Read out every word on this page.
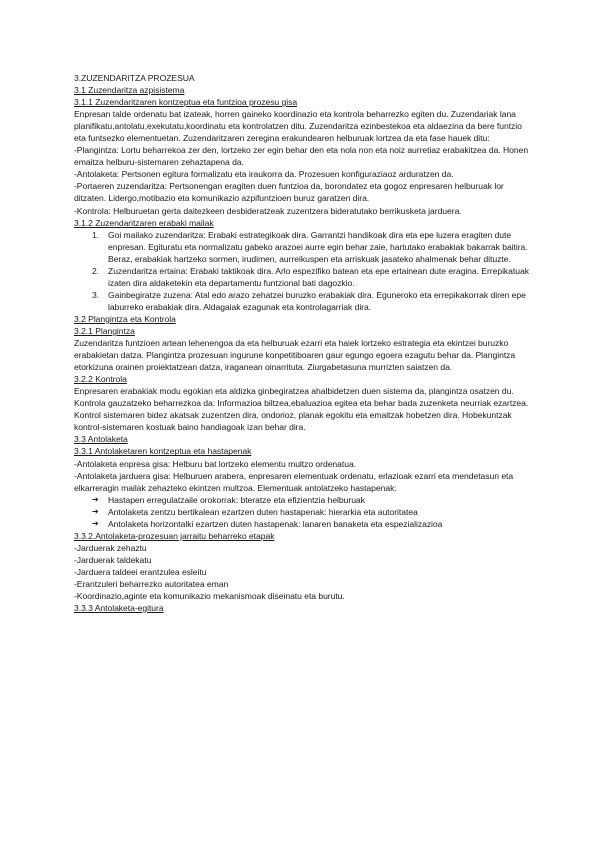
3.ZUZENDARITZA PROZESUA

3.1 Zuzendaritza azpisistema

3.1.1 Zuzendaritzaren kontzeptua eta funtzioa prozesu gisa

Enpresan talde ordenatu bat izateak, horren gaineko koordinazio eta kontrola beharrezko egiten du. Zuzendariak lana planifikatu,antolatu,exekutatu,koordinatu eta kontrolatzen ditu. Zuzendaritza ezinbestekoa eta aldaezina da bere funtzio eta funtsezko elementuetan. Zuzendaritzaren zeregina erakundearen helburuak lortzea da eta fase hauek ditu:

-Plangintza: Lortu beharrekoa zer den, lortzeko zer egin behar den eta nola non eta noiz aurretiaz erabakitzea da. Honen emaitza helburu-sistemaren zehaztapena da.

-Antolaketa: Pertsonen egitura formalizatu eta iraukorra da. Prozesuen konfiguraziaoz arduratzen da.

-Portaeren zuzendaritza: Pertsonengan eragiten duen funtzioa da, borondatez eta gogoz enpresaren helburuak lor ditzaten. Lidergo,motibazio eta komunikazio azpifuntzioen buruz garatzen dira.

-Kontrola: Helburuetan gerta daitezkeen desbideratzeak zuzentzera bideratutako berrikusketa jarduera.

3.1.2 Zuzendaritzaren erabaki mailak

1. Goi mailako zuzendaritza: Erabaki estrategikoak dira. Garrantzi handikoak dira eta epe luzera eragiten dute enpresan. Egituratu eta normalizatu gabeko arazoei aurre egin behar zaie, hartutako erabakiak bakarrak baitira. Beraz, erabakiak hartzeko sormen, irudimen, aurreikuspen eta arriskuak jasateko ahalmenak behar dituzte.
2. Zuzendaritza ertaina: Erabaki taktikoak dira. Arlo espezifiko batean eta epe ertainean dute eragina. Errepikatuak izaten dira aldaketekin eta departamentu funtzional bati dagozkio.
3. Gainbegiratze zuzena: Atal edo arazo zehatzei buruzko erabakiak dira. Eguneroko eta errepikakorrak diren epe laburreko erabakiak dira. Aldagaiak ezagunak eta kontrolagarriak dira.

3.2 Plangintza eta Kontrola

3.2.1 Plangintza

Zuzendaritza funtzioen artean lehenengoa da eta helburuak ezarri eta haiek lortzeko estrategia eta ekintzei buruzko erabakietan datza. Plangintza prozesuan ingurune konpetitiboaren gaur egungo egoera ezagutu behar da. Plangintza etorkizuna orainen proiektatzean datza, iraganean oinarrituta. Ziurgabetasuna murrizten saiatzen da.

3.2.2 Kontrola

Enpresaren erabakiak modu egokian eta aldizka ginbegiratzea ahalbidetzen duen sistema da, plangintza osatzen du. Kontrola gauzatzeko beharrezkoa da: Informazioa biltzea,ebaluazioa egitea eta behar bada zuzenketa neurriak ezartzea. Kontrol sistemaren bidez akatsak zuzentzen dira, ondorioz, planak egokitu eta emaitzak hobetzen dira. Hobekuntzak kontrol-sistemaren kostuak baino handiagoak izan behar dira.

3.3 Antolaketa

3.3.1 Antolaketaren kontzeptua eta hastapenak

-Antolaketa enpresa gisa: Helburu bat lortzeko elementu multzo ordenatua.

-Antolaketa jarduera gisa: Helburuen arabera, enpresaren elementuak ordenatu, erlazioak ezarri eta mendetasun eta elkarreragin mailak zehazteko ekintzen multzoa. Elementuak antolatzeko hastapenak:

➔ Hastapen erregulatzaile orokorrak: bteratze eta efizientzia helburuak
➔ Antolaketa zentzu bertikalean ezartzen duten hastapenak: hierarkia eta autoritatea
➔ Antolaketa horizontalki ezartzen duten hastapenak: lanaren banaketa eta espezializazioa

3.3.2.Antolaketa-prozesuan jarraitu beharreko etapak

-Jarduerak zehaztu

-Jarduerak taldekatu

-Jarduera taldeei erantzulea esleitu

-Erantzuleri beharrezko autoritatea eman

-Koordinazio,aginte eta komunikazio mekanismoak diseinatu eta burutu.

3.3.3 Antolaketa-egitura
